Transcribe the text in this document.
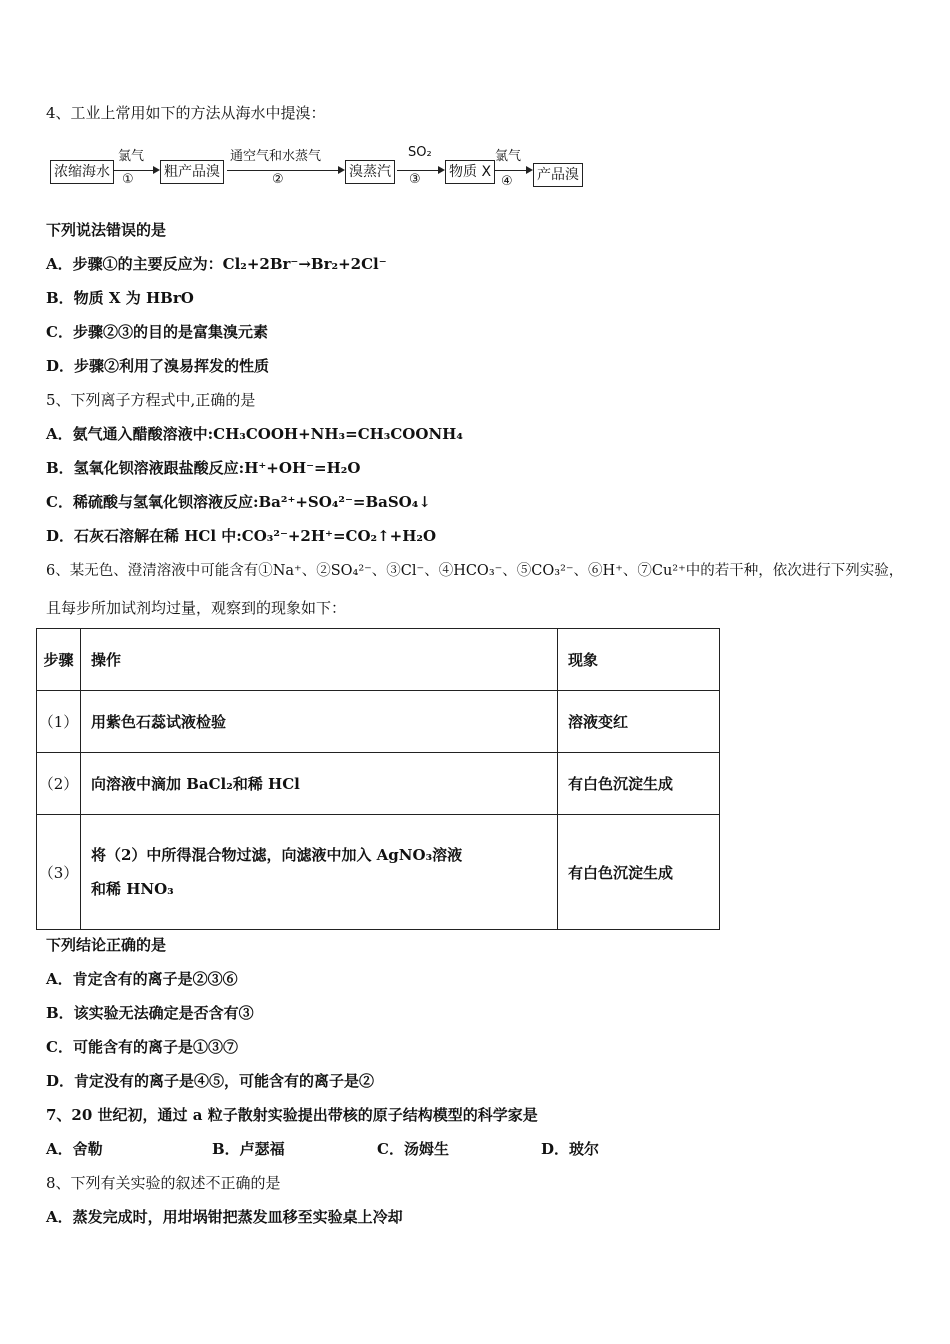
4、工业上常用如下的方法从海水中提溴：
浓缩海水
氯气
① 粗产品溴
通空气和水蒸气
②	溴蒸汽
SO₂
③ 物质 X
氯气
④ 产品溴
下列说法错误的是
A．步骤①的主要反应为：Cl₂+2Br⁻→Br₂+2Cl⁻
B．物质 X 为 HBrO
C．步骤②③的目的是富集溴元素
D．步骤②利用了溴易挥发的性质
5、下列离子方程式中,正确的是
A．氨气通入醋酸溶液中:CH₃COOH+NH₃=CH₃COONH₄
B．氢氧化钡溶液跟盐酸反应:H⁺+OH⁻=H₂O
C．稀硫酸与氢氧化钡溶液反应:Ba²⁺+SO₄²⁻=BaSO₄↓
D．石灰石溶解在稀 HCl 中:CO₃²⁻+2H⁺=CO₂↑+H₂O
6、某无色、澄清溶液中可能含有①Na⁺、②SO₄²⁻、③Cl⁻、④HCO₃⁻、⑤CO₃²⁻、⑥H⁺、⑦Cu²⁺中的若干种，依次进行下列实验，
且每步所加试剂均过量，观察到的现象如下：
步骤	操作	现象
（1）	用紫色石蕊试液检验	溶液变红
（2）	向溶液中滴加 BaCl₂和稀 HCl	有白色沉淀生成
（3）	将（2）中所得混合物过滤，向滤液中加入 AgNO₃溶液
和稀 HNO₃	有白色沉淀生成
下列结论正确的是
A．肯定含有的离子是②③⑥
B．该实验无法确定是否含有③
C．可能含有的离子是①③⑦
D．肯定没有的离子是④⑤，可能含有的离子是②
7、20 世纪初，通过 a 粒子散射实验提出带核的原子结构模型的科学家是
A．舍勒	B．卢瑟福	C．汤姆生	D．玻尔
8、下列有关实验的叙述不正确的是
A．蒸发完成时，用坩埚钳把蒸发皿移至实验桌上冷却
